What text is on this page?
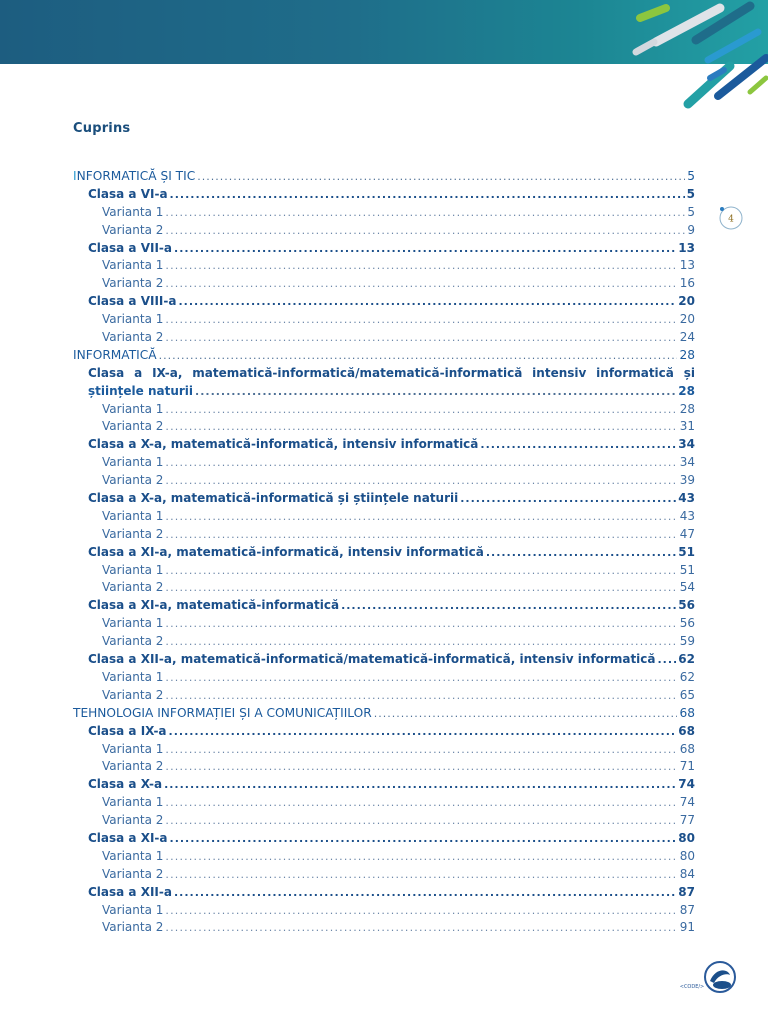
4
Cuprins
INFORMATICĂ ȘI TIC .....	5
Clasa a VI-a .....	5
Varianta 1 .....	5
Varianta 2 .....	9
Clasa a VII-a .....	13
Varianta 1 .....	13
Varianta 2 .....	16
Clasa a VIII-a .....	20
Varianta 1 .....	20
Varianta 2 .....	24
INFORMATICĂ .....	28
Clasa a IX-a, matematică-informatică/matematică-informatică intensiv informatică și
științele naturii .....	28
Varianta 1 .....	28
Varianta 2 .....	31
Clasa a X-a, matematică-informatică, intensiv informatică .....	34
Varianta 1 .....	34
Varianta 2 .....	39
Clasa a X-a, matematică-informatică și științele naturii .....	43
Varianta 1 .....	43
Varianta 2 .....	47
Clasa a XI-a, matematică-informatică, intensiv informatică .....	51
Varianta 1 .....	51
Varianta 2 .....	54
Clasa a XI-a, matematică-informatică .....	56
Varianta 1 .....	56
Varianta 2 .....	59
Clasa a XII-a, matematică-informatică/matematică-informatică, intensiv informatică ..... 62
Varianta 1 .....	62
Varianta 2 .....	65
TEHNOLOGIA INFORMAȚIEI ȘI A COMUNICAȚIILOR .....	68
Clasa a IX-a .....	68
Varianta 1 .....	68
Varianta 2 .....	71
Clasa a X-a .....	74
Varianta 1 .....	74
Varianta 2 .....	77
Clasa a XI-a .....	80
Varianta 1 .....	80
Varianta 2 .....	84
Clasa a XII-a .....	87
Varianta 1 .....	87
Varianta 2 .....	91
<CODE/>
